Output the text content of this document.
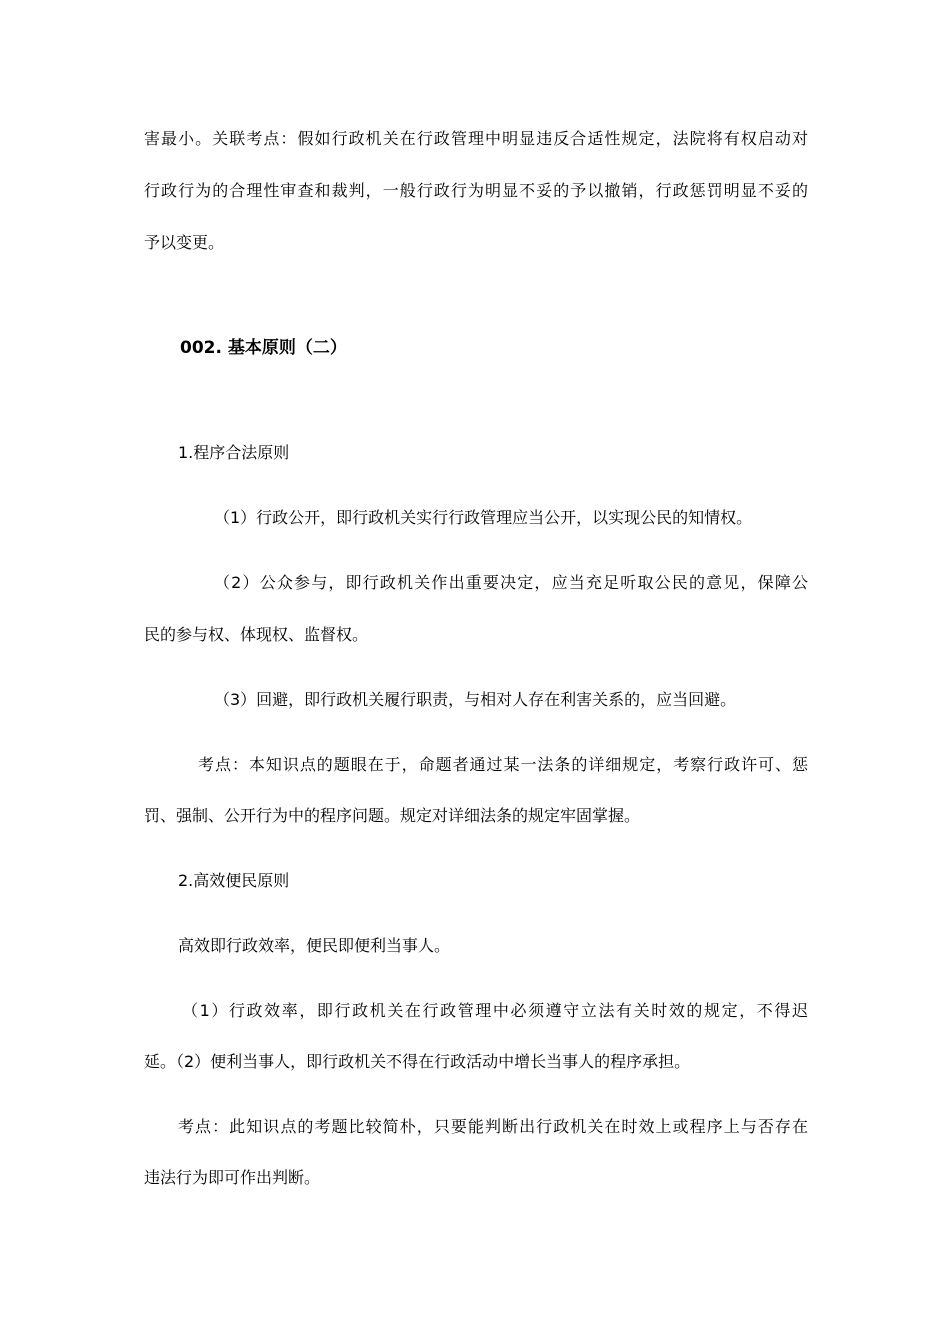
害最小。关联考点：假如行政机关在行政管理中明显违反合适性规定，法院将有权启动对
行政行为的合理性审查和裁判，一般行政行为明显不妥的予以撤销，行政惩罚明显不妥的
予以变更。
002. 基本原则（二）
1.程序合法原则
（1）行政公开，即行政机关实行行政管理应当公开，以实现公民的知情权。
（2）公众参与，即行政机关作出重要决定，应当充足听取公民的意见，保障公
民的参与权、体现权、监督权。
（3）回避，即行政机关履行职责，与相对人存在利害关系的，应当回避。
考点：本知识点的题眼在于，命题者通过某一法条的详细规定，考察行政许可、惩
罚、强制、公开行为中的程序问题。规定对详细法条的规定牢固掌握。
2.高效便民原则
高效即行政效率，便民即便利当事人。
（1）行政效率，即行政机关在行政管理中必须遵守立法有关时效的规定，不得迟
延。（2）便利当事人，即行政机关不得在行政活动中增长当事人的程序承担。
考点：此知识点的考题比较简朴，只要能判断出行政机关在时效上或程序上与否存在
违法行为即可作出判断。
